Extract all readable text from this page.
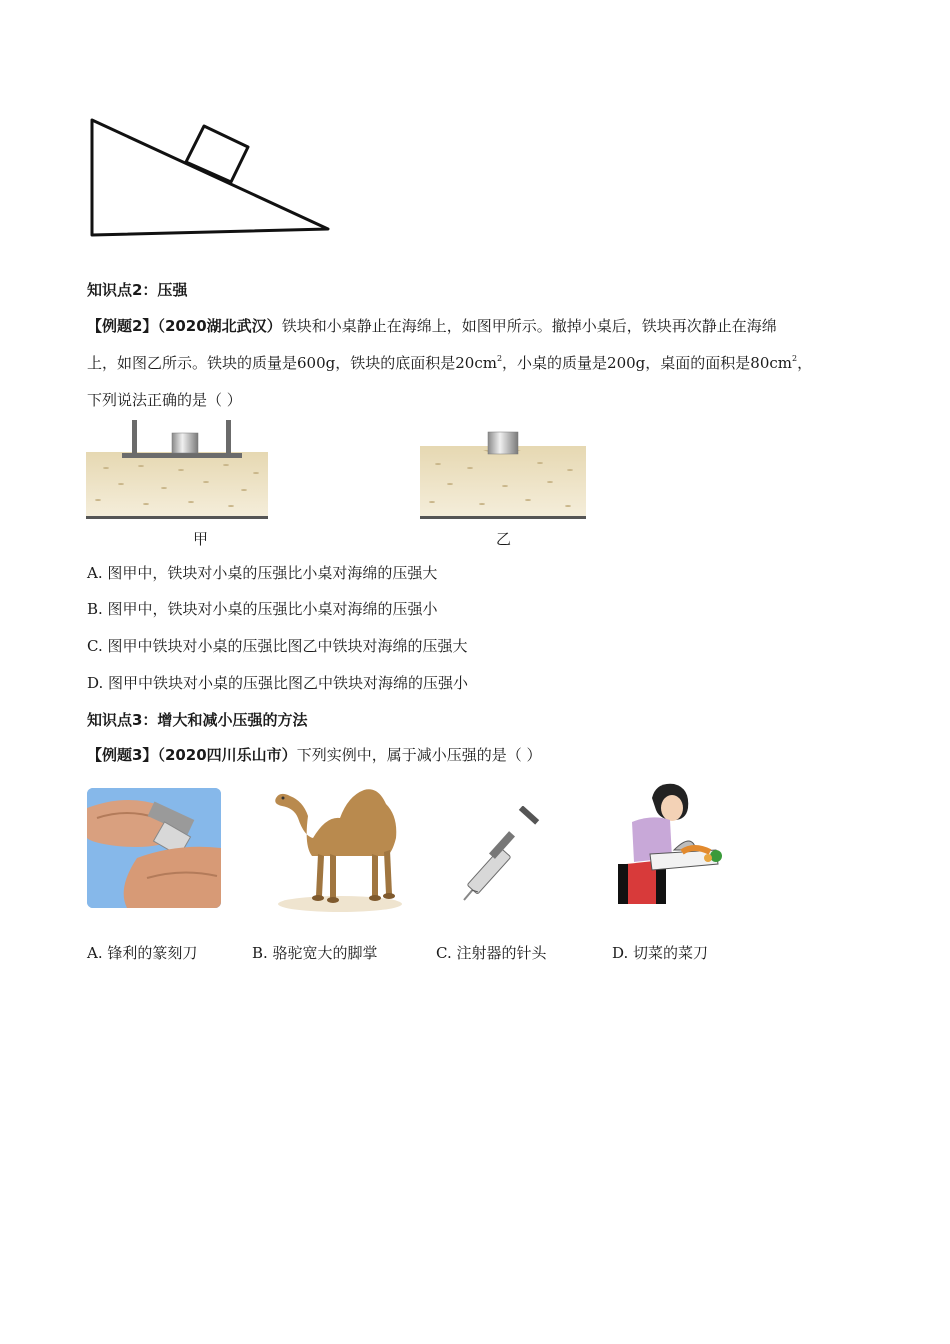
知识点2：压强
【例题2】（2020湖北武汉）铁块和小桌静止在海绵上，如图甲所示。撤掉小桌后，铁块再次静止在海绵
上，如图乙所示。铁块的质量是600g，铁块的底面积是$20cm^2$，小桌的质量是200g，桌面的面积是$80cm^2$，
下列说法正确的是（ ）
甲	乙
A. 图甲中，铁块对小桌的压强比小桌对海绵的压强大
B. 图甲中，铁块对小桌的压强比小桌对海绵的压强小
C. 图甲中铁块对小桌的压强比图乙中铁块对海绵的压强大
D. 图甲中铁块对小桌的压强比图乙中铁块对海绵的压强小
知识点3：增大和减小压强的方法
【例题3】（2020四川乐山市）下列实例中，属于减小压强的是（ ）
A. 锋利的篆刻刀	B. 骆驼宽大的脚掌	C. 注射器的针头	D. 切菜的菜刀
